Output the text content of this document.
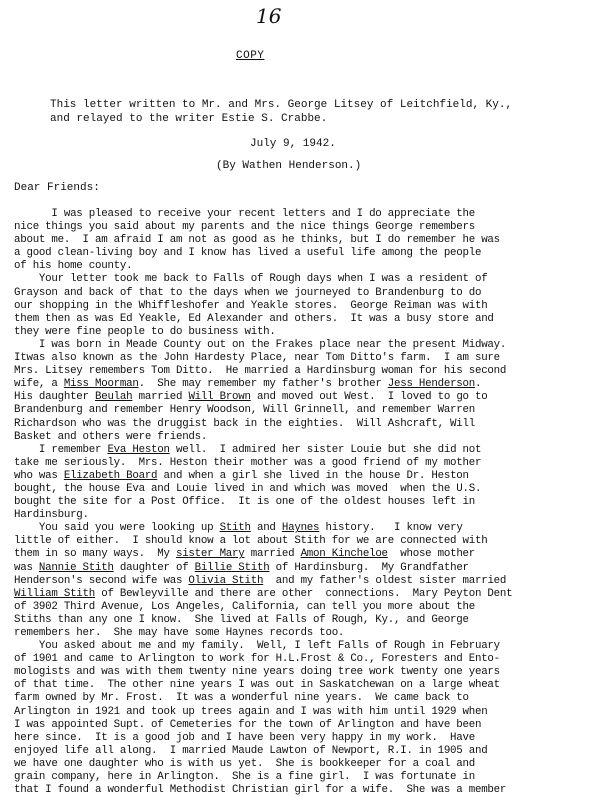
16
COPY
This letter written to Mr. and Mrs. George Litsey of Leitchfield, Ky.,
and relayed to the writer Estie S. Crabbe.
July 9, 1942.
(By Wathen Henderson.)
Dear Friends:
I was pleased to receive your recent letters and I do appreciate the
nice things you said about my parents and the nice things George remembers
about me.  I am afraid I am not as good as he thinks, but I do remember he was
a good clean-living boy and I know has lived a useful life among the people
of his home county.
Your letter took me back to Falls of Rough days when I was a resident of
Grayson and back of that to the days when we journeyed to Brandenburg to do
our shopping in the Whiffleshofer and Yeakle stores.  George Reiman was with
them then as was Ed Yeakle, Ed Alexander and others.  It was a busy store and
they were fine people to do business with.
I was born in Meade County out on the Frakes place near the present Midway.
Itwas also known as the John Hardesty Place, near Tom Ditto's farm.  I am sure
Mrs. Litsey remembers Tom Ditto.  He married a Hardinsburg woman for his second
wife, a Miss Moorman.  She may remember my father's brother Jess Henderson.
His daughter Beulah married Will Brown and moved out West.  I loved to go to
Brandenburg and remember Henry Woodson, Will Grinnell, and remember Warren
Richardson who was the druggist back in the eighties.  Will Ashcraft, Will
Basket and others were friends.
I remember Eva Heston well.  I admired her sister Louie but she did not
take me seriously.  Mrs. Heston their mother was a good friend of my mother
who was Elizabeth Board and when a girl she lived in the house Dr. Heston
bought, the house Eva and Louie lived in and which was moved  when the U.S.
bought the site for a Post Office.  It is one of the oldest houses left in
Hardinsburg.
You said you were looking up Stith and Haynes history.   I know very
little of either.  I should know a lot about Stith for we are connected with
them in so many ways.  My sister Mary married Amon Kincheloe  whose mother
was Nannie Stith daughter of Billie Stith of Hardinsburg.  My Grandfather
Henderson's second wife was Olivia Stith  and my father's oldest sister married
William Stith of Bewleyville and there are other  connections.  Mary Peyton Dent
of 3902 Third Avenue, Los Angeles, California, can tell you more about the
Stiths than any one I know.  She lived at Falls of Rough, Ky., and George
remembers her.  She may have some Haynes records too.
You asked about me and my family.  Well, I left Falls of Rough in February
of 1901 and came to Arlington to work for H.L.Frost & Co., Foresters and Ento-
mologists and was with them twenty nine years doing tree work twenty one years
of that time.  The other nine years I was out in Saskatchewan on a large wheat
farm owned by Mr. Frost.  It was a wonderful nine years.  We came back to
Arlington in 1921 and took up trees again and I was with him until 1929 when
I was appointed Supt. of Cemeteries for the town of Arlington and have been
here since.  It is a good job and I have been very happy in my work.  Have
enjoyed life all along.  I married Maude Lawton of Newport, R.I. in 1905 and
we have one daughter who is with us yet.  She is bookkeeper for a coal and
grain company, here in Arlington.  She is a fine girl.  I was fortunate in
that I found a wonderful Methodist Christian girl for a wife.  She was a member
